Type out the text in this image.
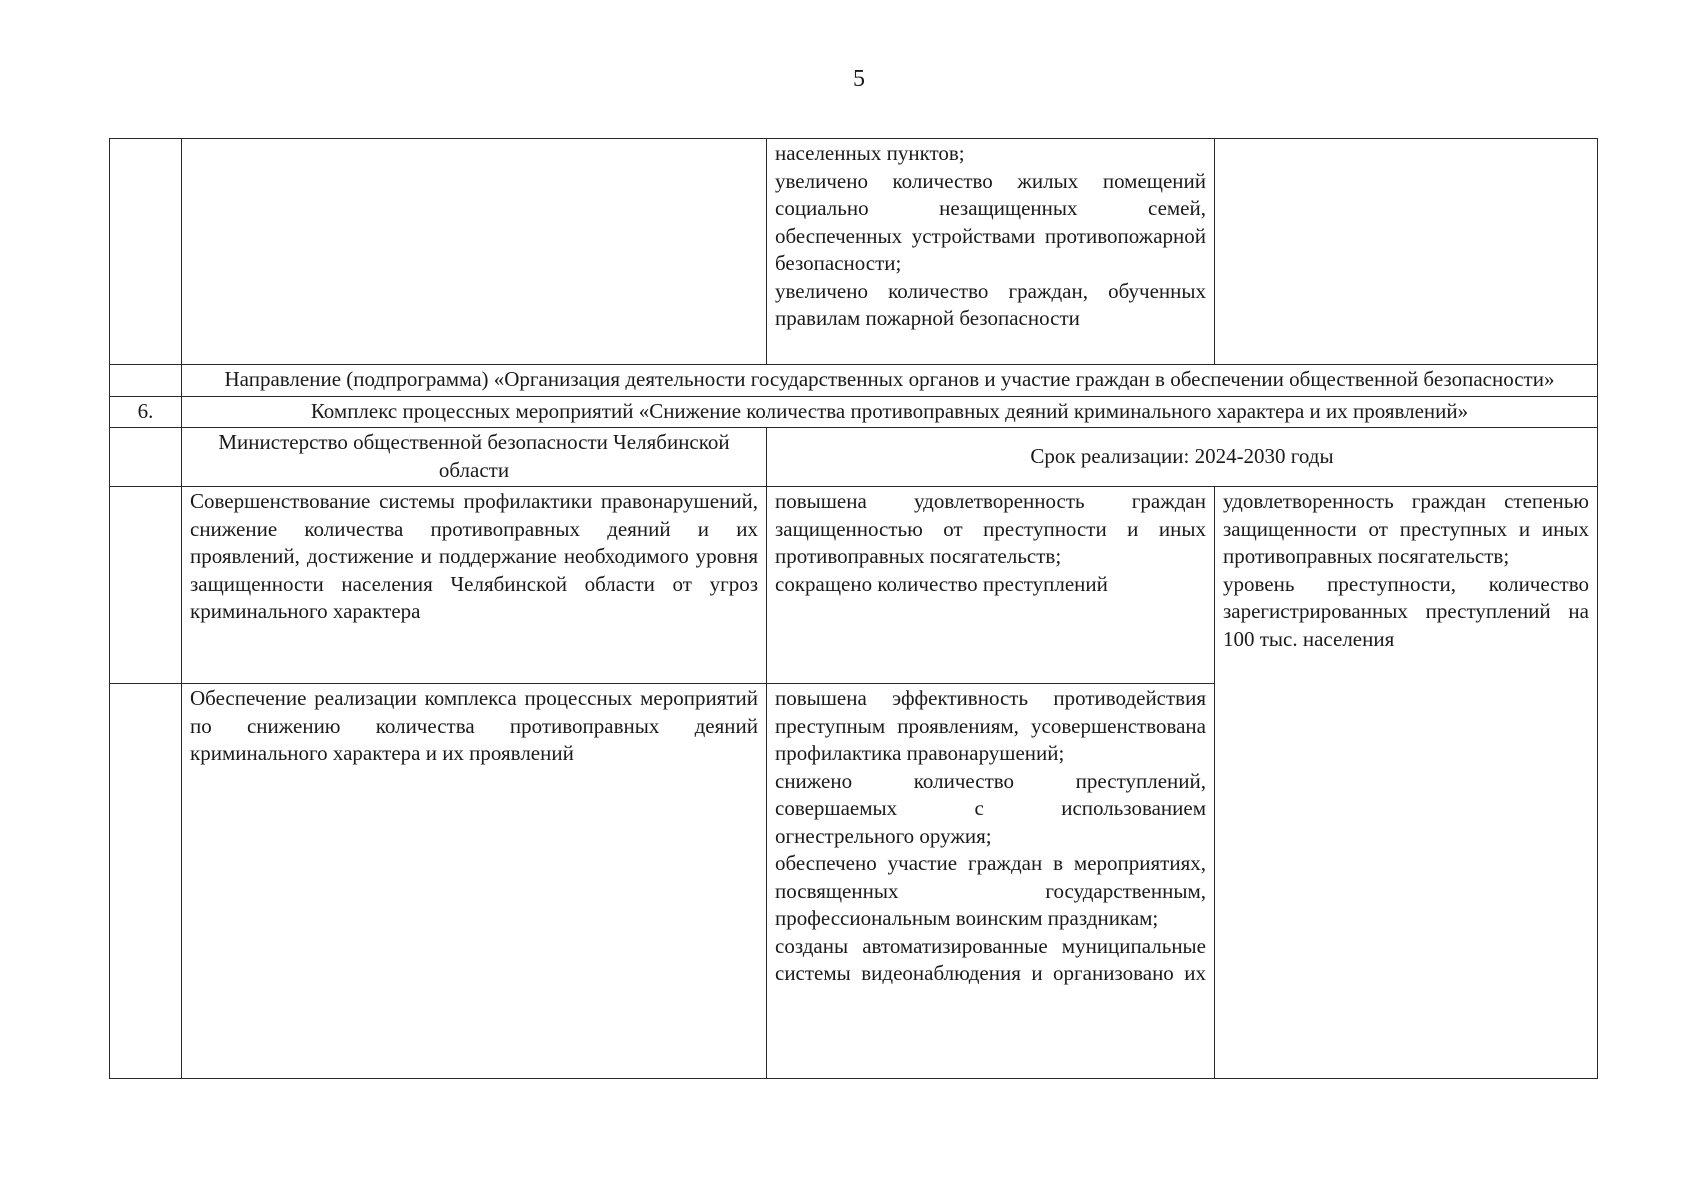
5

		населенных пунктов;
увеличено количество жилых помещений социально незащищенных семей, обеспеченных устройствами противопожарной безопасности;
увеличено количество граждан, обученных правилам пожарной безопасности	

	Направление (подпрограмма) «Организация деятельности государственных органов и участие граждан в обеспечении общественной безопасности»		
6.	Комплекс процессных мероприятий «Снижение количества противоправных деяний криминального характера и их проявлений»		
	Министерство общественной безопасности Челябинской области	Срок реализации: 2024-2030 годы	
	Совершенствование системы профилактики правонарушений, снижение количества противоправных деяний и их проявлений, достижение и поддержание необходимого уровня защищенности населения Челябинской области от угроз криминального характера	повышена удовлетворенность граждан защищенностью от преступности и иных противоправных посягательств;
сокращено количество преступлений	удовлетворенность граждан степенью защищенности от преступных и иных противоправных посягательств;
уровень преступности, количество зарегистрированных преступлений на 100 тыс. населения

	Обеспечение реализации комплекса процессных мероприятий по снижению количества противоправных деяний криминального характера и их проявлений	повышена эффективность противодействия преступным проявлениям, усовершенствована профилактика правонарушений;
снижено количество преступлений, совершаемых с использованием огнестрельного оружия;
обеспечено участие граждан в мероприятиях, посвященных государственным, профессиональным воинским праздникам;
созданы автоматизированные муниципальные системы видеонаблюдения и организовано их	
